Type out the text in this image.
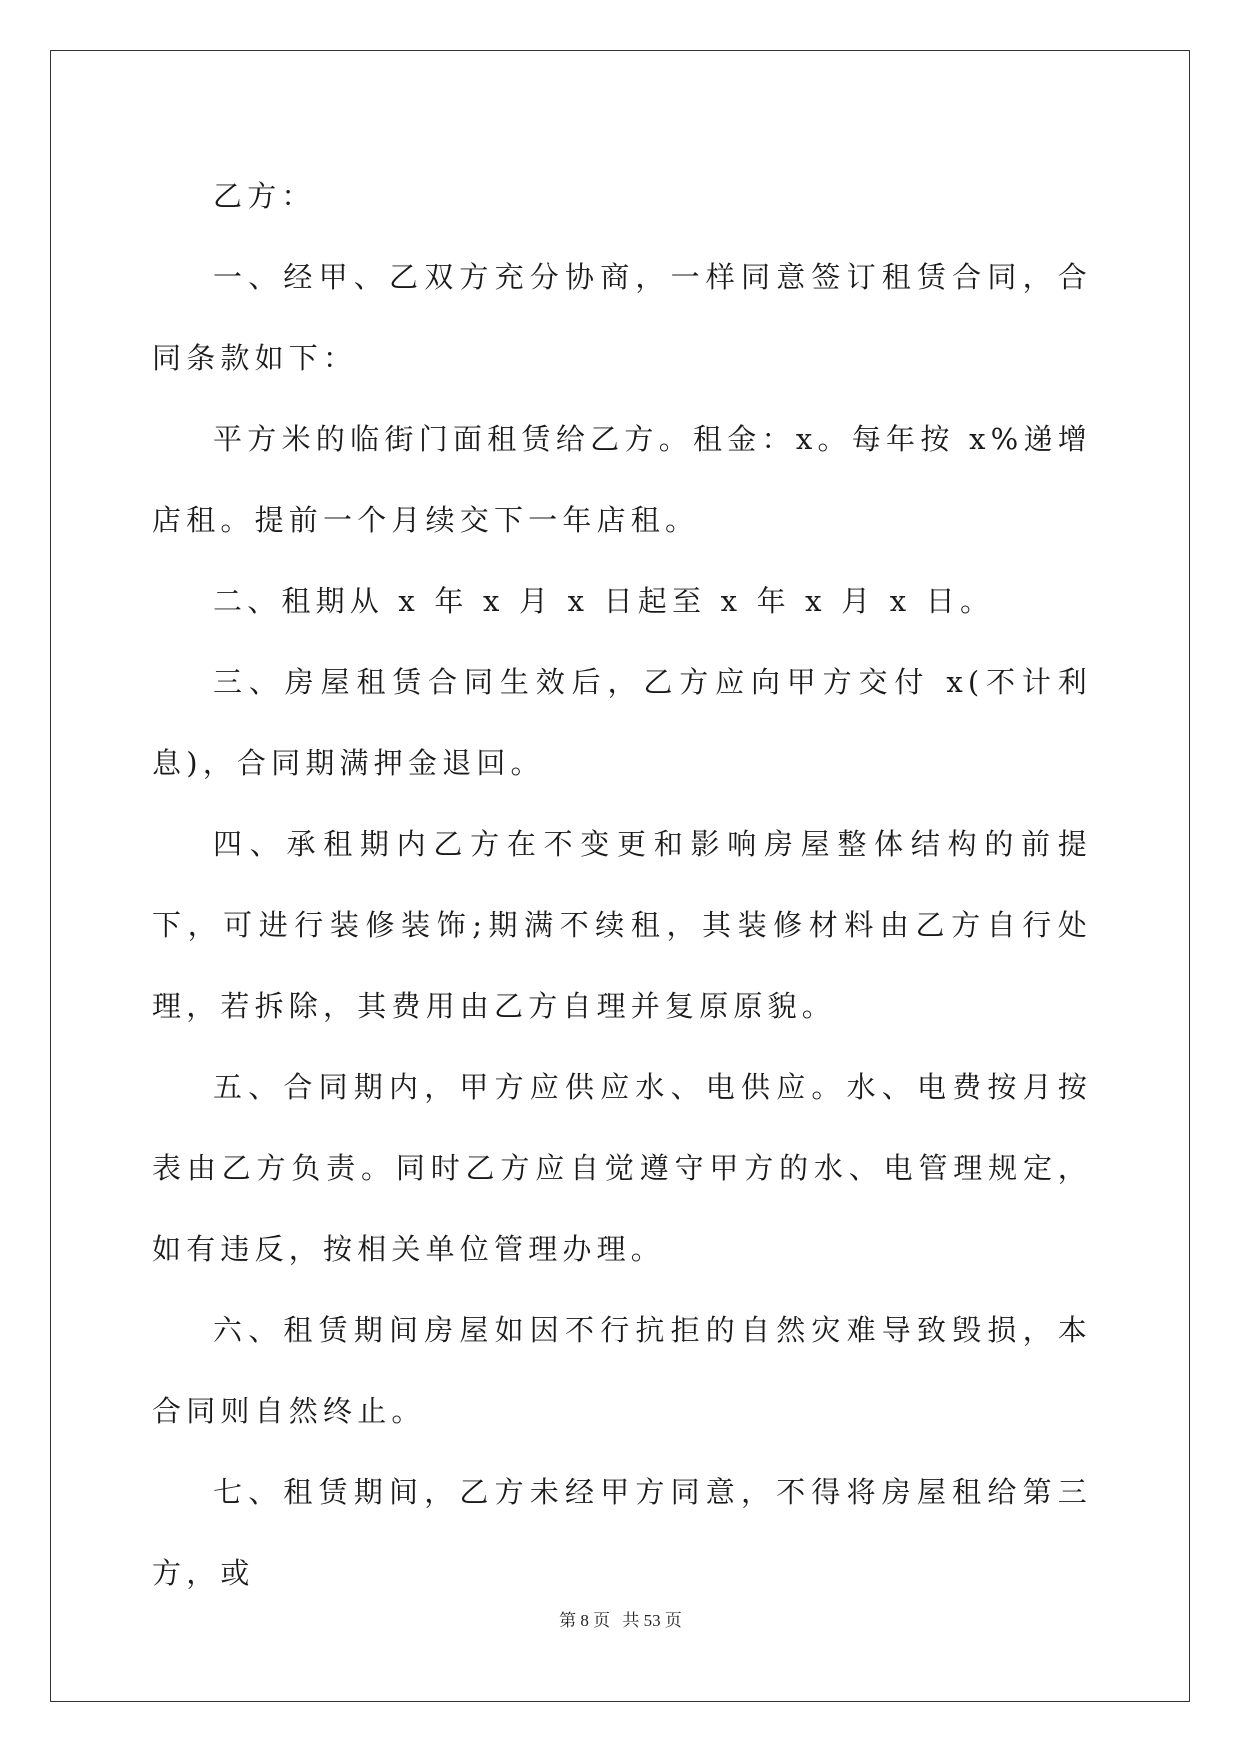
乙方：

一、经甲、乙双方充分协商，一样同意签订租赁合同，合同条款如下：

平方米的临街门面租赁给乙方。租金：x。每年按 x%递增店租。提前一个月续交下一年店租。

二、租期从 x 年 x 月 x 日起至 x 年 x 月 x 日。

三、房屋租赁合同生效后，乙方应向甲方交付 x(不计利息)，合同期满押金退回。

四、承租期内乙方在不变更和影响房屋整体结构的前提下，可进行装修装饰;期满不续租，其装修材料由乙方自行处理，若拆除，其费用由乙方自理并复原原貌。

五、合同期内，甲方应供应水、电供应。水、电费按月按表由乙方负责。同时乙方应自觉遵守甲方的水、电管理规定，如有违反，按相关单位管理办理。

六、租赁期间房屋如因不行抗拒的自然灾难导致毁损，本合同则自然终止。

七、租赁期间，乙方未经甲方同意，不得将房屋租给第三方，或

第 8 页 共 53 页
